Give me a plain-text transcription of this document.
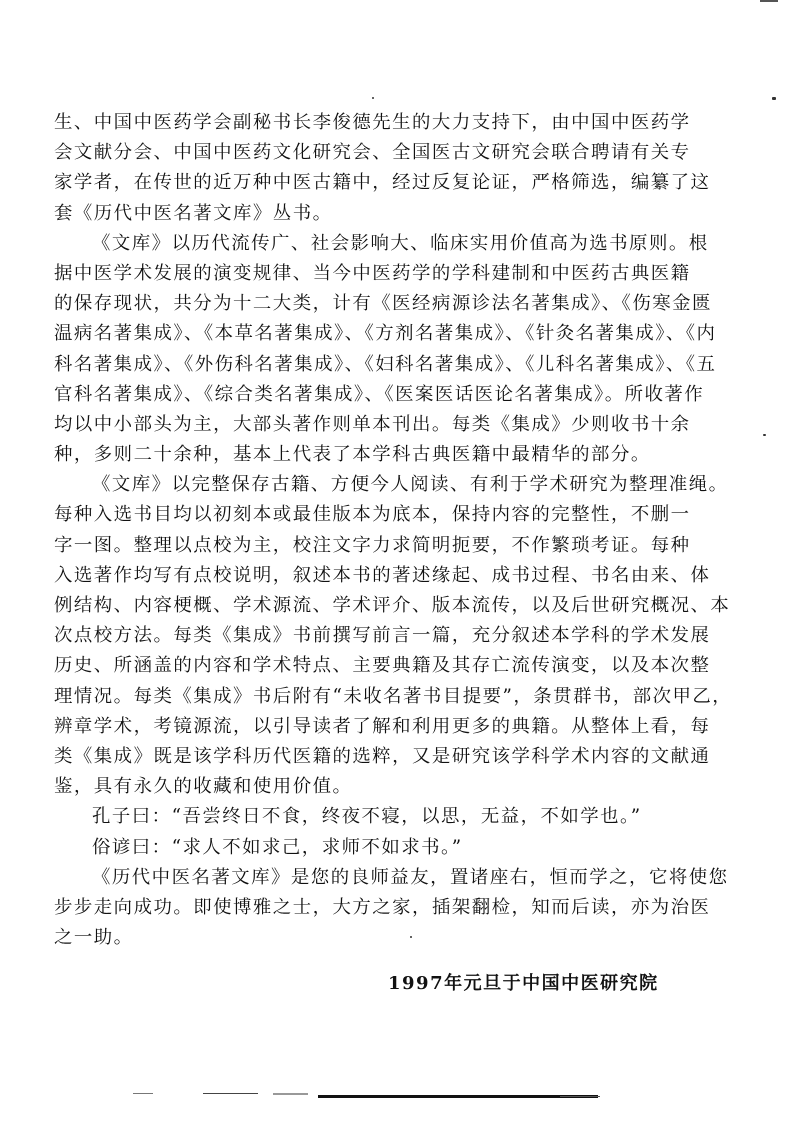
生、中国中医药学会副秘书长李俊德先生的大力支持下，由中国中医药学
会文献分会、中国中医药文化研究会、全国医古文研究会联合聘请有关专
家学者，在传世的近万种中医古籍中，经过反复论证，严格筛选，编纂了这
套《历代中医名著文库》丛书。
《文库》以历代流传广、社会影响大、临床实用价值高为选书原则。根
据中医学术发展的演变规律、当今中医药学的学科建制和中医药古典医籍
的保存现状，共分为十二大类，计有《医经病源诊法名著集成》、《伤寒金匮
温病名著集成》、《本草名著集成》、《方剂名著集成》、《针灸名著集成》、《内
科名著集成》、《外伤科名著集成》、《妇科名著集成》、《儿科名著集成》、《五
官科名著集成》、《综合类名著集成》、《医案医话医论名著集成》。所收著作
均以中小部头为主，大部头著作则单本刊出。每类《集成》少则收书十余
种，多则二十余种，基本上代表了本学科古典医籍中最精华的部分。
《文库》以完整保存古籍、方便今人阅读、有利于学术研究为整理准绳。
每种入选书目均以初刻本或最佳版本为底本，保持内容的完整性，不删一
字一图。整理以点校为主，校注文字力求简明扼要，不作繁琐考证。每种
入选著作均写有点校说明，叙述本书的著述缘起、成书过程、书名由来、体
例结构、内容梗概、学术源流、学术评介、版本流传，以及后世研究概况、本
次点校方法。每类《集成》书前撰写前言一篇，充分叙述本学科的学术发展
历史、所涵盖的内容和学术特点、主要典籍及其存亡流传演变，以及本次整
理情况。每类《集成》书后附有“未收名著书目提要”，条贯群书，部次甲乙，
辨章学术，考镜源流，以引导读者了解和利用更多的典籍。从整体上看，每
类《集成》既是该学科历代医籍的选粹，又是研究该学科学术内容的文献通
鉴，具有永久的收藏和使用价值。
孔子曰：“吾尝终日不食，终夜不寝，以思，无益，不如学也。”
俗谚曰：“求人不如求己，求师不如求书。”
《历代中医名著文库》是您的良师益友，置诸座右，恒而学之，它将使您
步步走向成功。即使博雅之士，大方之家，插架翻检，知而后读，亦为治医
之一助。
1997年元旦于中国中医研究院
